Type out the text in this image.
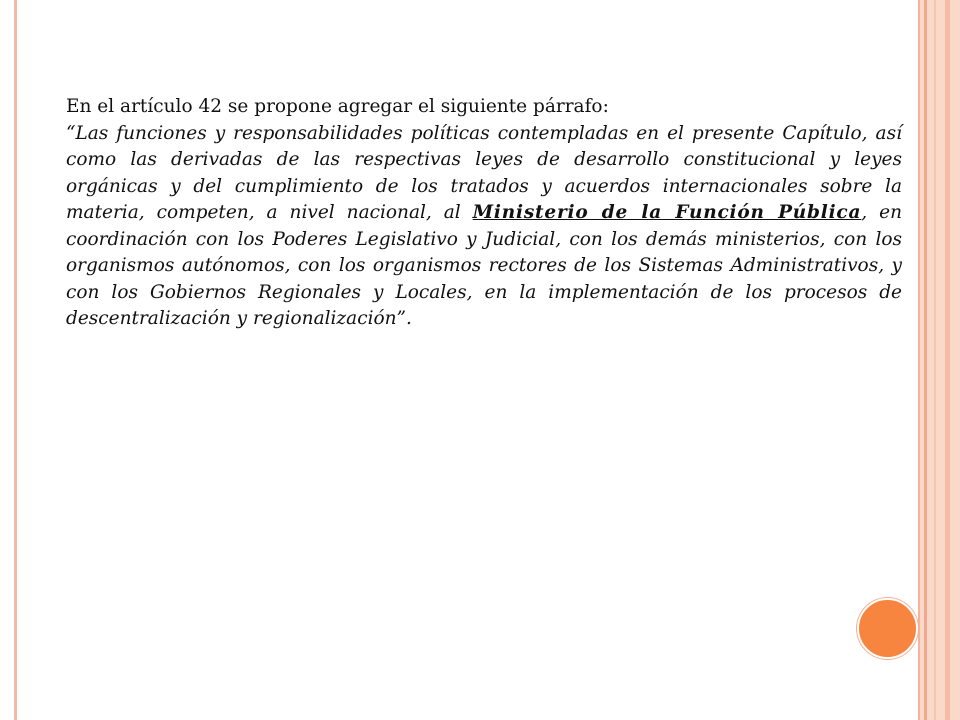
En el artículo 42 se propone agregar el siguiente párrafo:

“Las funciones y responsabilidades políticas contempladas en el presente Capítulo, así como las derivadas de las respectivas leyes de desarrollo constitucional y leyes orgánicas y del cumplimiento de los tratados y acuerdos internacionales sobre la materia, competen, a nivel nacional, al Ministerio de la Función Pública, en coordinación con los Poderes Legislativo y Judicial, con los demás ministerios, con los organismos autónomos, con los organismos rectores de los Sistemas Administrativos, y con los Gobiernos Regionales y Locales, en la implementación de los procesos de descentralización y regionalización”.
